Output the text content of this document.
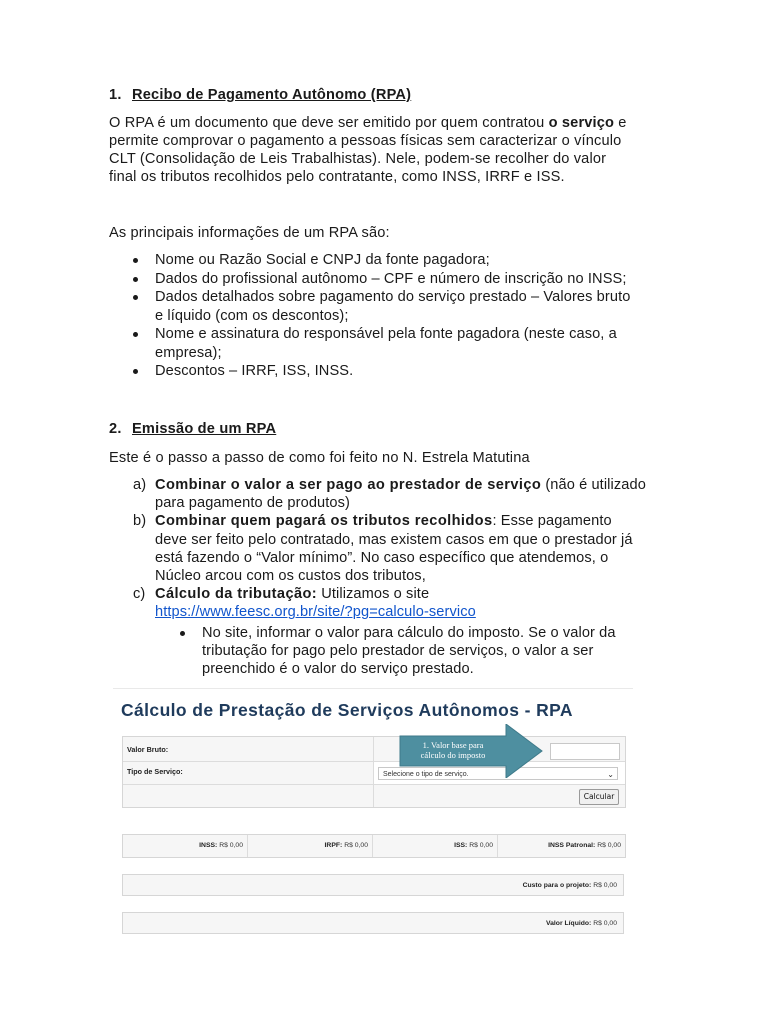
1. Recibo de Pagamento Autônomo (RPA)
O RPA é um documento que deve ser emitido por quem contratou o serviço e
permite comprovar o pagamento a pessoas físicas sem caracterizar o vínculo
CLT (Consolidação de Leis Trabalhistas). Nele, podem-se recolher do valor
final os tributos recolhidos pelo contratante, como INSS, IRRF e ISS.
As principais informações de um RPA são:
Nome ou Razão Social e CNPJ da fonte pagadora;
Dados do profissional autônomo – CPF e número de inscrição no INSS;
Dados detalhados sobre pagamento do serviço prestado – Valores bruto
e líquido (com os descontos);
Nome e assinatura do responsável pela fonte pagadora (neste caso, a
empresa);
Descontos – IRRF, ISS, INSS.
2. Emissão de um RPA
Este é o passo a passo de como foi feito no N. Estrela Matutina
a) Combinar o valor a ser pago ao prestador de serviço (não é utilizado
para pagamento de produtos)
b) Combinar quem pagará os tributos recolhidos: Esse pagamento
deve ser feito pelo contratado, mas existem casos em que o prestador já
está fazendo o “Valor mínimo”. No caso específico que atendemos, o
Núcleo arcou com os custos dos tributos,
c) Cálculo da tributação: Utilizamos o site
https://www.feesc.org.br/site/?pg=calculo-servico
No site, informar o valor para cálculo do imposto. Se o valor da
tributação for pago pelo prestador de serviços, o valor a ser
preenchido é o valor do serviço prestado.
Cálculo de Prestação de Serviços Autônomos - RPA
Valor Bruto:
Tipo de Serviço:	Selecione o tipo de serviço.	⌄
Calcular
1. Valor base para
cálculo do imposto
INSS: R$ 0,00	IRPF: R$ 0,00	ISS: R$ 0,00	INSS Patronal: R$ 0,00
Custo para o projeto: R$ 0,00
Valor Líquido: R$ 0,00
